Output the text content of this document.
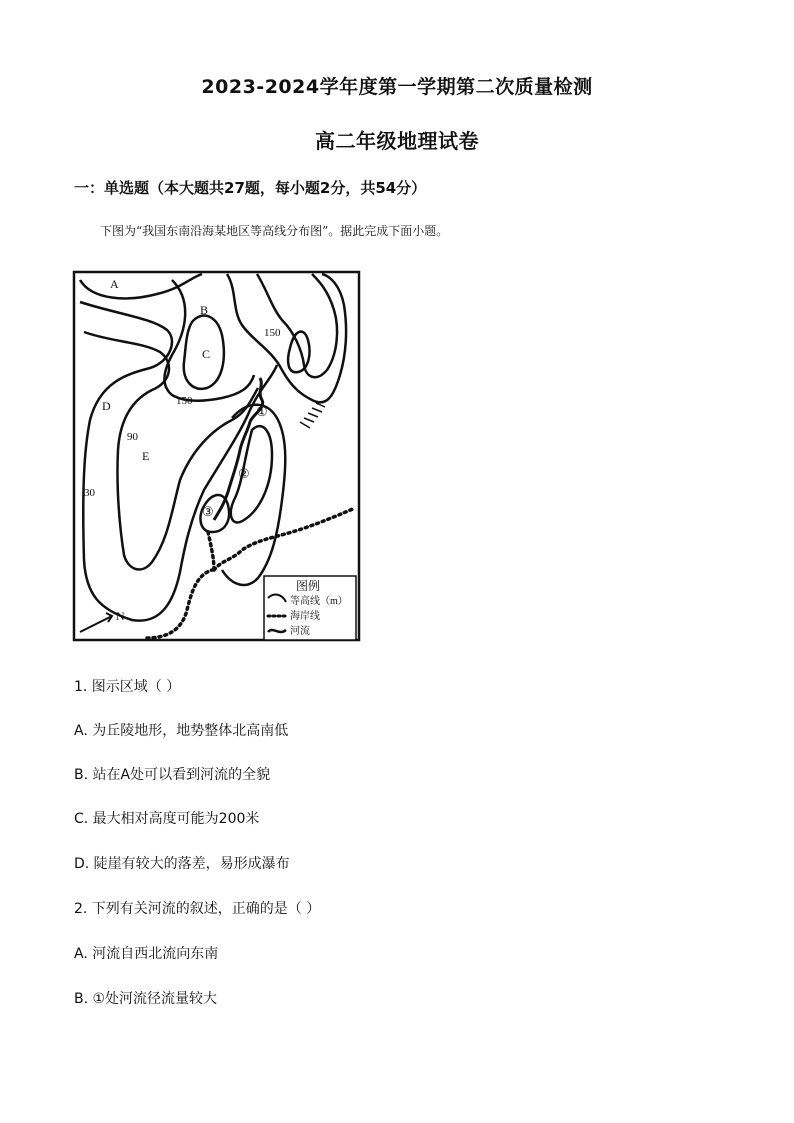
2023-2024学年度第一学期第二次质量检测
高二年级地理试卷
一：单选题（本大题共27题，每小题2分，共54分）
下图为“我国东南沿海某地区等高线分布图”。据此完成下面小题。
A
B
C
D
E
150
150
90
30
①
②
③
N
图例
等高线（m）
海岸线
河流
1. 图示区域（ ）
A. 为丘陵地形，地势整体北高南低
B. 站在A处可以看到河流的全貌
C. 最大相对高度可能为200米
D. 陡崖有较大的落差，易形成瀑布
2. 下列有关河流的叙述，正确的是（ ）
A. 河流自西北流向东南
B. ①处河流径流量较大
